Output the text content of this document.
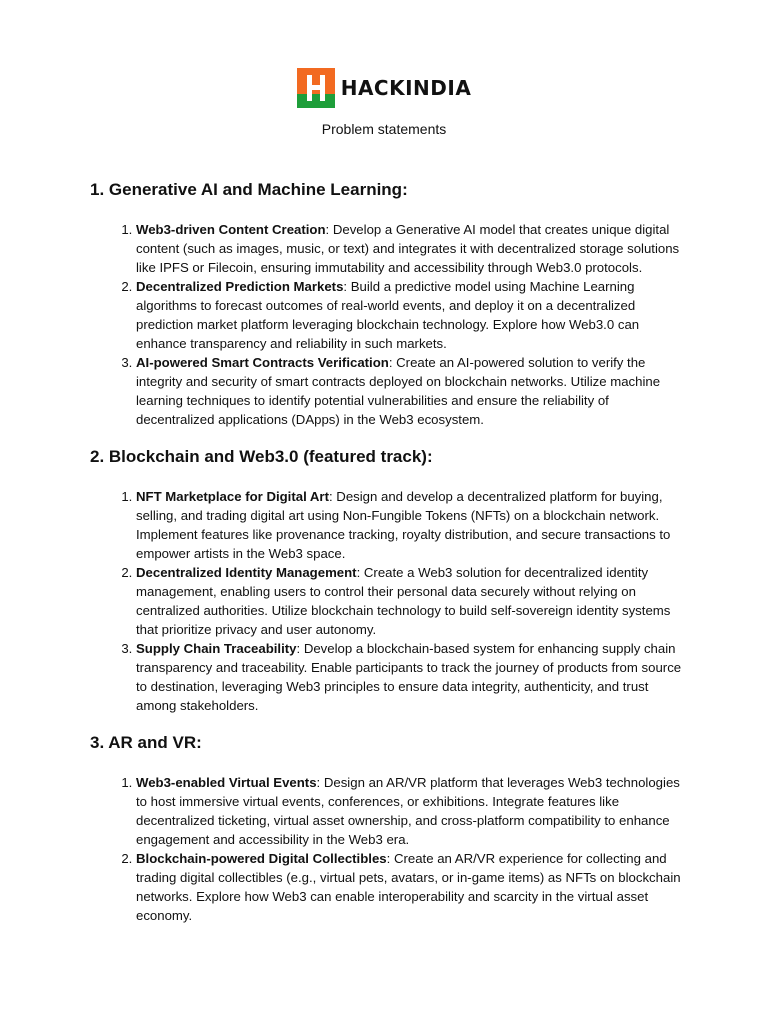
HACKINDIA
Problem statements
1. Generative AI and Machine Learning:
1. Web3-driven Content Creation: Develop a Generative AI model that creates unique digital content (such as images, music, or text) and integrates it with decentralized storage solutions like IPFS or Filecoin, ensuring immutability and accessibility through Web3.0 protocols.
2. Decentralized Prediction Markets: Build a predictive model using Machine Learning algorithms to forecast outcomes of real-world events, and deploy it on a decentralized prediction market platform leveraging blockchain technology. Explore how Web3.0 can enhance transparency and reliability in such markets.
3. AI-powered Smart Contracts Verification: Create an AI-powered solution to verify the integrity and security of smart contracts deployed on blockchain networks. Utilize machine learning techniques to identify potential vulnerabilities and ensure the reliability of decentralized applications (DApps) in the Web3 ecosystem.
2. Blockchain and Web3.0 (featured track):
1. NFT Marketplace for Digital Art: Design and develop a decentralized platform for buying, selling, and trading digital art using Non-Fungible Tokens (NFTs) on a blockchain network. Implement features like provenance tracking, royalty distribution, and secure transactions to empower artists in the Web3 space.
2. Decentralized Identity Management: Create a Web3 solution for decentralized identity management, enabling users to control their personal data securely without relying on centralized authorities. Utilize blockchain technology to build self-sovereign identity systems that prioritize privacy and user autonomy.
3. Supply Chain Traceability: Develop a blockchain-based system for enhancing supply chain transparency and traceability. Enable participants to track the journey of products from source to destination, leveraging Web3 principles to ensure data integrity, authenticity, and trust among stakeholders.
3. AR and VR:
1. Web3-enabled Virtual Events: Design an AR/VR platform that leverages Web3 technologies to host immersive virtual events, conferences, or exhibitions. Integrate features like decentralized ticketing, virtual asset ownership, and cross-platform compatibility to enhance engagement and accessibility in the Web3 era.
2. Blockchain-powered Digital Collectibles: Create an AR/VR experience for collecting and trading digital collectibles (e.g., virtual pets, avatars, or in-game items) as NFTs on blockchain networks. Explore how Web3 can enable interoperability and scarcity in the virtual asset economy.
